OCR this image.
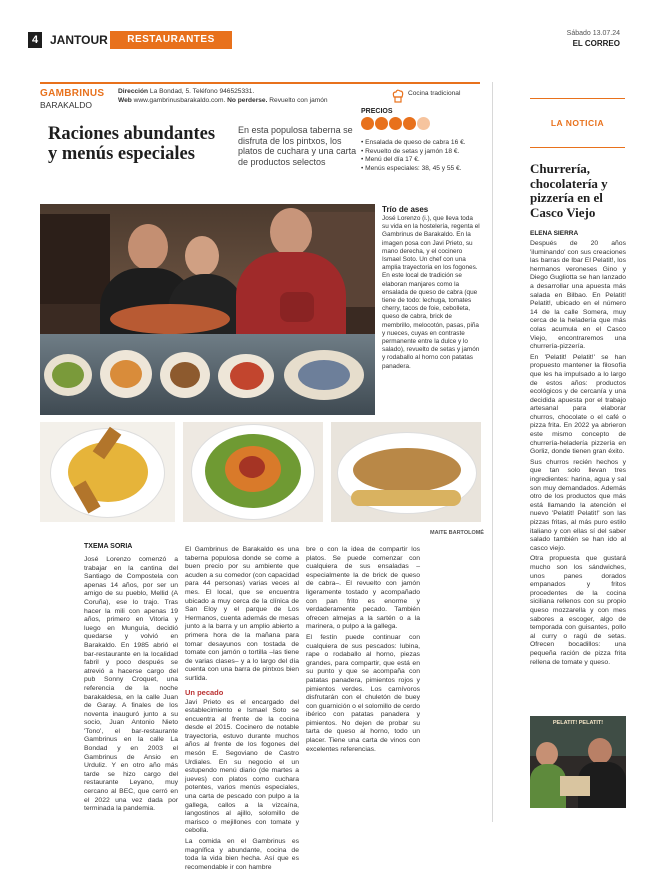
4 JANTOUR	RESTAURANTES
Sábado 13.07.24
EL CORREO
GAMBRINUS
BARAKALDO
Dirección La Bondad, 5. Teléfono 946525331.
Web www.gambrinusbarakaldo.com. No perderse. Revuelto con jamón
Cocina tradicional
PRECIOS
• Ensalada de queso de cabra 16 €.
• Revuelto de setas y jamón 18 €.
• Menú del día 17 €.
• Menús especiales: 38, 45 y 55 €.
Raciones abundantes y menús especiales
En esta populosa taberna se disfruta de los pintxos, los platos de cuchara y una carta de productos selectos
Trío de ases
José Lorenzo (i.), que lleva toda su vida en la hostelería, regenta el Gambrinus de Barakaldo. En la imagen posa con Javi Prieto, su mano derecha, y el cocinero Ismael Soto. Un chef con una amplia trayectoria en los fogones. En este local de tradición se elaboran manjares como la ensalada de queso de cabra (que tiene de todo: lechuga, tomates cherry, tacos de foie, cebolleta, queso de cabra, brick de membrillo, melocotón, pasas, piña y nueces, cuyas en contraste permanente entre la dulce y lo salado), revuelto de setas y jamón y rodaballo al horno con patatas panadera.
MAITE BARTOLOMÉ
TXEMA SORIA

José Lorenzo comenzó a trabajar en la cantina del Santiago de Compostela con apenas 14 años, por ser un amigo de su pueblo, Mellid (A Coruña), ese lo trajo. Tras hacer la mili con apenas 19 años, primero en Vitoria y luego en Munguía, decidió quedarse y volvió en Barakaldo. En 1985 abrió el bar-restaurante en la localidad fabril y poco después se atrevió a hacerse cargo del pub Sonny Croquet, una referencia de la noche barakaldesa, en la calle Juan de Garay. A finales de los noventa inauguró junto a su socio, Juan Antonio Nieto 'Tono', el bar-restaurante Gambrinus en la calle La Bondad y en 2003 el Gambrinus de Ansio en Urduliz. Y en otro año más tarde se hizo cargo del restaurante Leyano, muy cercano al BEC, que cerró en el 2022 una vez dada por terminada la pandemia.

El Gambrinus de Barakaldo es una taberna populosa donde se come a buen precio por su ambiente que acuden a su comedor (con capacidad para 44 personas) varias veces al mes. El local, que se encuentra ubicado a muy cerca de la clínica de San Eloy y el parque de Los Hermanos, cuenta además de mesas junto a la barra y un amplio abierto a primera hora de la mañana para tomar desayunos con tostada de tomate con jamón o tortilla –las tiene de varias clases– y a lo largo del día cuenta con una barra de pintxos bien surtida.

Un pecado

Javi Prieto es el encargado del establecimiento e Ismael Soto se encuentra al frente de la cocina desde el 2015. Cocinero de notable trayectoria, estuvo durante muchos años al frente de los fogones del mesón E. Segoviano de Castro Urdiales. En su negocio el un estupendo menú diario (de martes a jueves) con platos como cuchara potentes, varios menús especiales, una carta de pescado con pulpo a la gallega, callos a la vizcaína, langostinos al ajillo, solomillo de marisco o mejillones con tomate y cebolla.

La comida en el Gambrinus es magnífica y abundante, cocina de toda la vida bien hecha. Así que es recomendable ir con hambre

bre o con la idea de compartir los platos. Se puede comenzar con cualquiera de sus ensaladas –especialmente la de brick de queso de cabra–. El revuelto con jamón ligeramente tostado y acompañado con pan frito es enorme y verdaderamente pecado. También ofrecen almejas a la sartén o a la marinera, o pulpo a la gallega.

El festín puede continuar con cualquiera de sus pescados: lubina, rape o rodaballo al horno, piezas grandes, para compartir, que está en su punto y que se acompaña con patatas panadera, pimientos rojos y pimientos verdes. Los carnívoros disfrutarán con el chuletón de buey con guarnición o el solomillo de cerdo ibérico con patatas panadera y pimientos. No dejen de probar su tarta de queso al horno, todo un placer. Tiene una carta de vinos con excelentes referencias.

LA NOTICIA
Churrería, chocolatería y pizzería en el Casco Viejo
ELENA SIERRA

Después de 20 años 'iluminando' con sus creaciones las barras de Ibar El Pelatit!, los hermanos veroneses Gino y Diego Gugliotta se han lanzado a desarrollar una apuesta más salada en Bilbao. En Pelatit! Pelatit!, ubicado en el número 14 de la calle Somera, muy cerca de la heladería que más colas acumula en el Casco Viejo, encontraremos una churrería-pizzería.

En 'Pelatit! Pelatit!' se han propuesto mantener la filosofía que les ha impulsado a lo largo de estos años: productos ecológicos y de cercanía y una decidida apuesta por el trabajo artesanal para elaborar churros, chocolate o el café o pizza frita. En 2022 ya abrieron este mismo concepto de churrería-heladería pizzería en Gorliz, donde tienen gran éxito.

Sus churros recién hechos y que tan solo llevan tres ingredientes: harina, agua y sal son muy demandados. Además otro de los productos que más está llamando la atención el nuevo 'Pelatit! Pelatit!' son las pizzas fritas, al más puro estilo italiano y con ellas sí del saber salado también se han ido al casco viejo.

Otra propuesta que gustará mucho son los sándwiches, unos panes dorados empanados y fritos procedentes de la cocina siciliana rellenos con su propio queso mozzarella y con mes sabores a escoger, algo de temporada con guisantes, pollo al curry o ragú de setas. Ofrecen bocadillos: una pequeña ración de pizza frita rellena de tomate y queso.

PELATIT! PELATIT!
